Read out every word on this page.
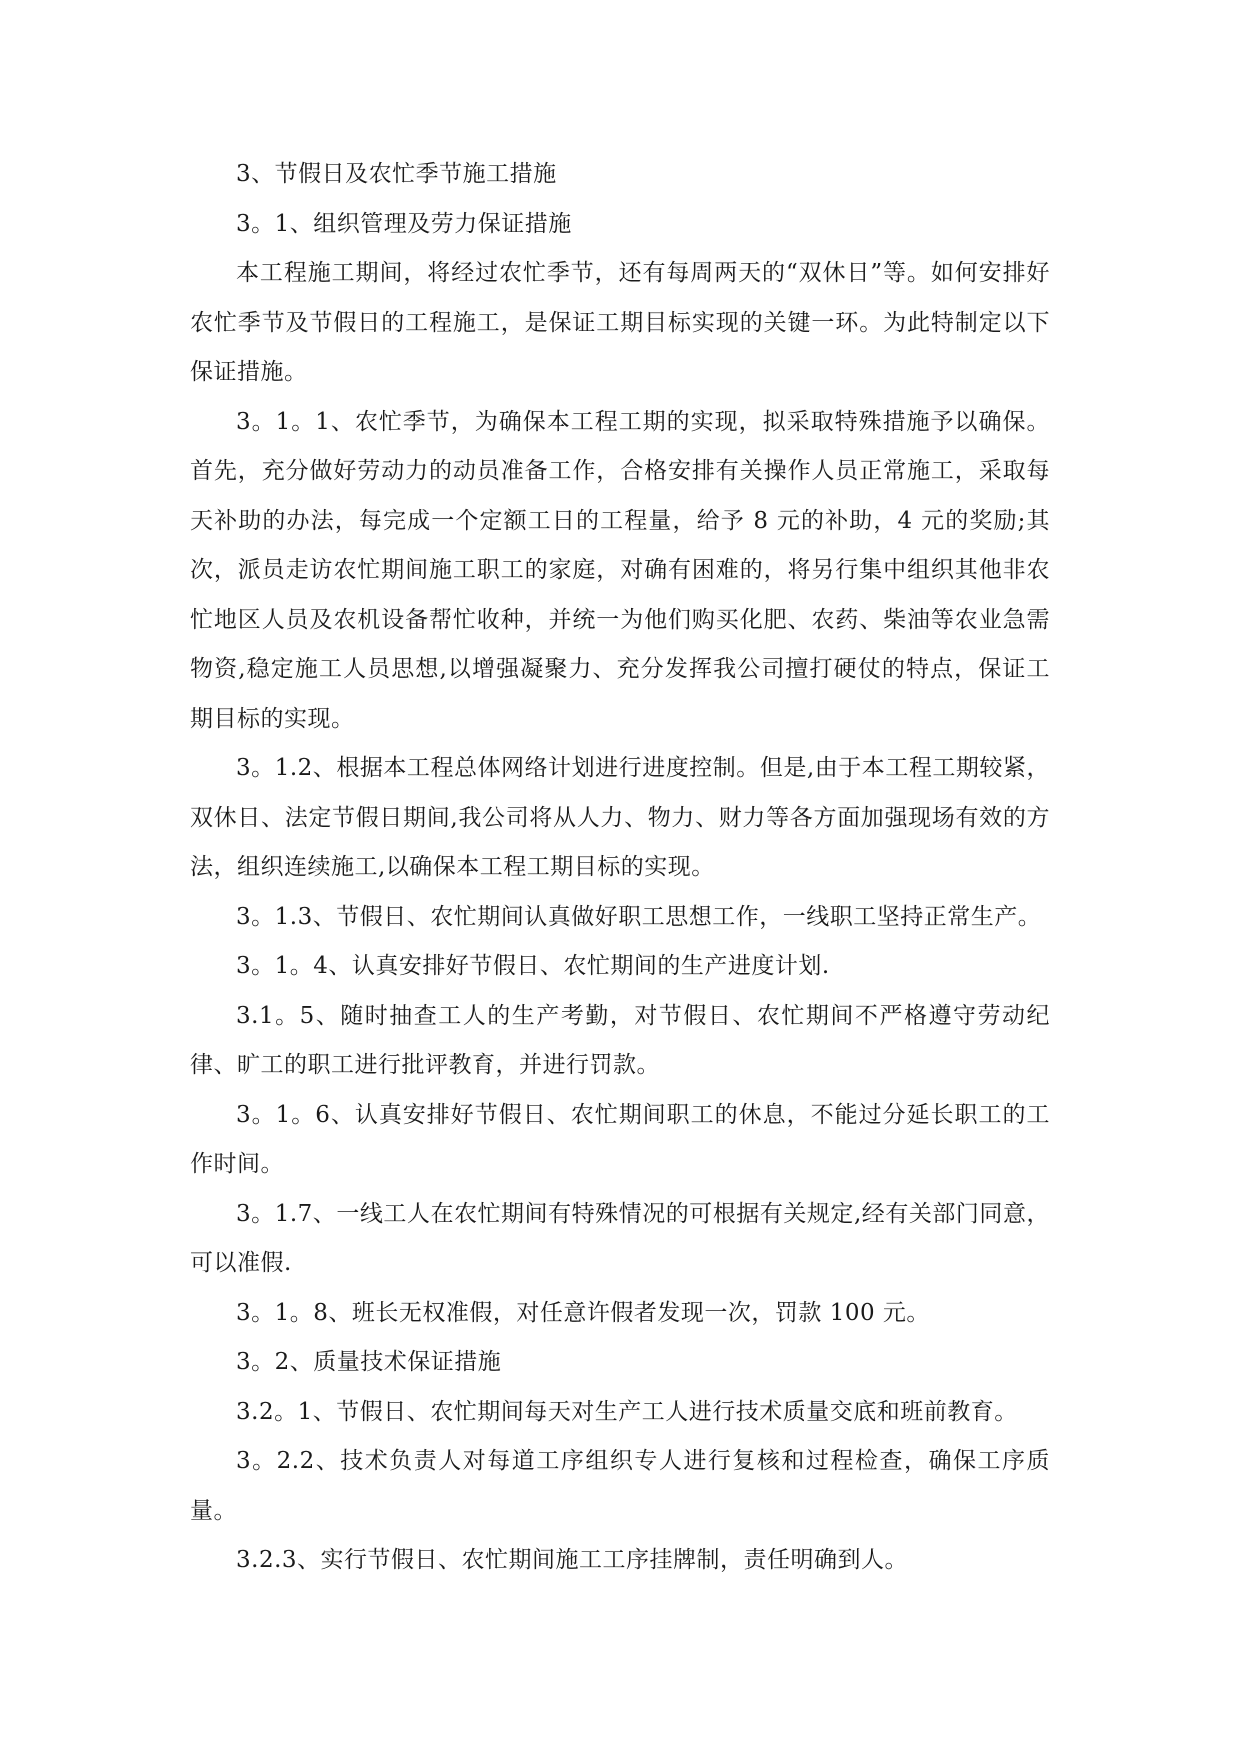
3、节假日及农忙季节施工措施

3。1、组织管理及劳力保证措施

本工程施工期间，将经过农忙季节，还有每周两天的“双休日”等。如何安排好农忙季节及节假日的工程施工，是保证工期目标实现的关键一环。为此特制定以下保证措施。

3。1。1、农忙季节，为确保本工程工期的实现，拟采取特殊措施予以确保。首先，充分做好劳动力的动员准备工作，合格安排有关操作人员正常施工，采取每天补助的办法，每完成一个定额工日的工程量，给予 8 元的补助，4 元的奖励;其次，派员走访农忙期间施工职工的家庭，对确有困难的，将另行集中组织其他非农忙地区人员及农机设备帮忙收种，并统一为他们购买化肥、农药、柴油等农业急需物资,稳定施工人员思想,以增强凝聚力、充分发挥我公司擅打硬仗的特点，保证工期目标的实现。

3。1.2、根据本工程总体网络计划进行进度控制。但是,由于本工程工期较紧，双休日、法定节假日期间,我公司将从人力、物力、财力等各方面加强现场有效的方法，组织连续施工,以确保本工程工期目标的实现。

3。1.3、节假日、农忙期间认真做好职工思想工作，一线职工坚持正常生产。

3。1。4、认真安排好节假日、农忙期间的生产进度计划.

3.1。5、随时抽查工人的生产考勤，对节假日、农忙期间不严格遵守劳动纪律、旷工的职工进行批评教育，并进行罚款。

3。1。6、认真安排好节假日、农忙期间职工的休息，不能过分延长职工的工作时间。

3。1.7、一线工人在农忙期间有特殊情况的可根据有关规定,经有关部门同意，可以准假.

3。1。8、班长无权准假，对任意许假者发现一次，罚款 100 元。

3。2、质量技术保证措施

3.2。1、节假日、农忙期间每天对生产工人进行技术质量交底和班前教育。

3。2.2、技术负责人对每道工序组织专人进行复核和过程检查，确保工序质量。

3.2.3、实行节假日、农忙期间施工工序挂牌制，责任明确到人。
